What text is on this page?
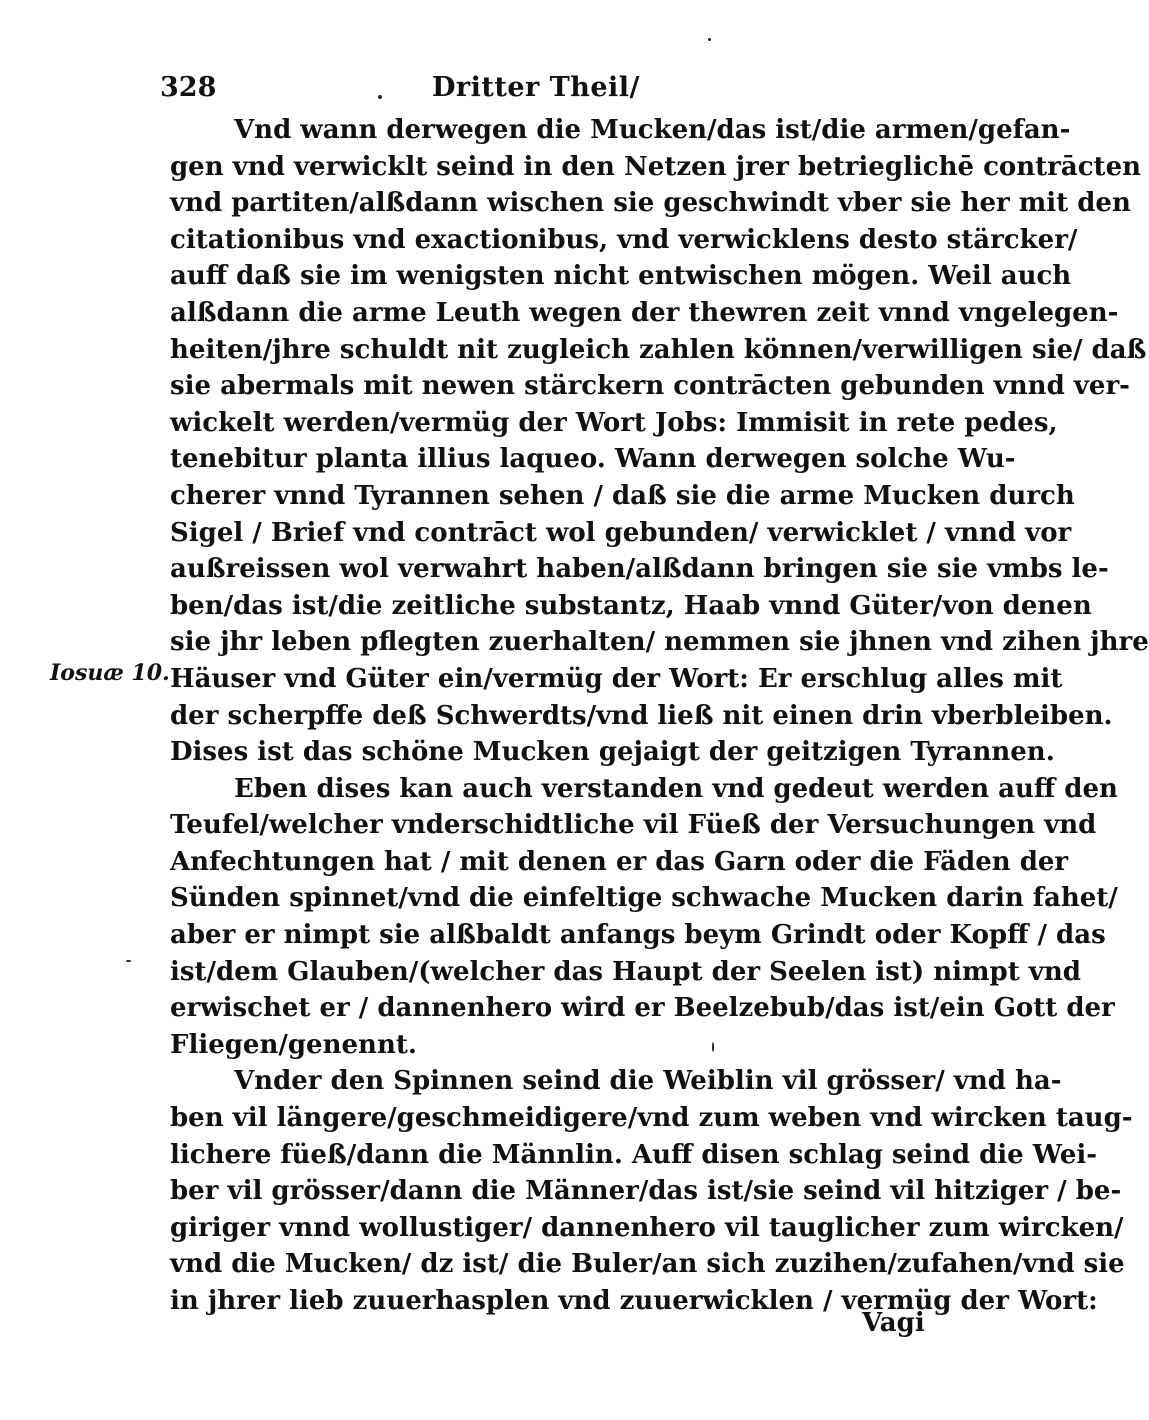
328	Dritter Theil/
Vnd wann derwegen die Mucken/das ist/die armen/gefan-
gen vnd verwicklt seind in den Netzen jrer betrieglichē contrācten
vnd partiten/alßdann wischen sie geschwindt vber sie her mit den
citationibus vnd exactionibus, vnd verwicklens desto stärcker/
auff daß sie im wenigsten nicht entwischen mögen. Weil auch
alßdann die arme Leuth wegen der thewren zeit vnnd vngelegen-
heiten/jhre schuldt nit zugleich zahlen können/verwilligen sie/ daß
sie abermals mit newen stärckern contrācten gebunden vnnd ver-
wickelt werden/vermüg der Wort Jobs: Immisit in rete pedes,
tenebitur planta illius laqueo. Wann derwegen solche Wu-
cherer vnnd Tyrannen sehen / daß sie die arme Mucken durch
Sigel / Brief vnd contrāct wol gebunden/ verwicklet / vnnd vor
außreissen wol verwahrt haben/alßdann bringen sie sie vmbs le-
ben/das ist/die zeitliche substantz, Haab vnnd Güter/von denen
sie jhr leben pflegten zuerhalten/ nemmen sie jhnen vnd zihen jhre
Häuser vnd Güter ein/vermüg der Wort: Er erschlug alles mit
der scherpffe deß Schwerdts/vnd ließ nit einen drin vberbleiben.
Dises ist das schöne Mucken gejaigt der geitzigen Tyrannen.
Eben dises kan auch verstanden vnd gedeut werden auff den
Teufel/welcher vnderschidtliche vil Füeß der Versuchungen vnd
Anfechtungen hat / mit denen er das Garn oder die Fäden der
Sünden spinnet/vnd die einfeltige schwache Mucken darin fahet/
aber er nimpt sie alßbaldt anfangs beym Grindt oder Kopff / das
ist/dem Glauben/(welcher das Haupt der Seelen ist) nimpt vnd
erwischet er / dannenhero wird er Beelzebub/das ist/ein Gott der
Fliegen/genennt.
Vnder den Spinnen seind die Weiblin vil grösser/ vnd ha-
ben vil längere/geschmeidigere/vnd zum weben vnd wircken taug-
lichere füeß/dann die Männlin. Auff disen schlag seind die Wei-
ber vil grösser/dann die Männer/das ist/sie seind vil hitziger / be-
giriger vnnd wollustiger/ dannenhero vil tauglicher zum wircken/
vnd die Mucken/ dz ist/ die Buler/an sich zuzihen/zufahen/vnd sie
in jhrer lieb zuuerhasplen vnd zuuerwicklen / vermüg der Wort:
Iosuæ 10.
Vagi
